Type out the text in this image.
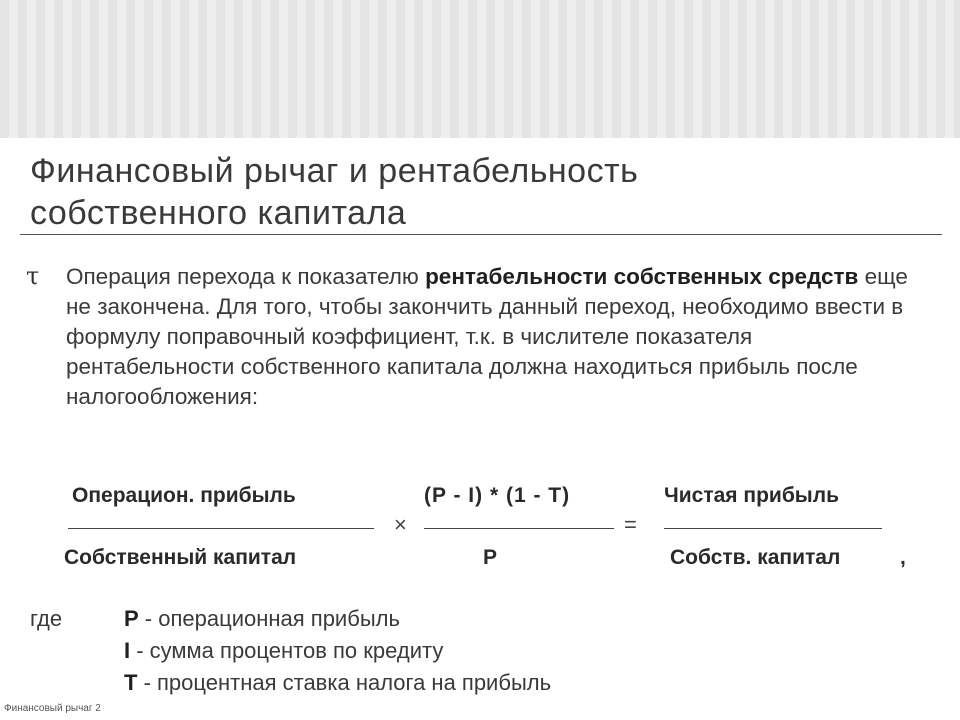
Финансовый рычаг и рентабельность
собственного капитала
τ Операция перехода к показателю рентабельности собственных средств еще не закончена. Для того, чтобы закончить данный переход, необходимо ввести в формулу поправочный коэффициент, т.к. в числителе показателя рентабельности собственного капитала должна находиться прибыль после налогообложения:

Операцион. прибыль
Собственный капитал
×
(P - I) * (1 - T)
P
=
Чистая прибыль
Собств. капитал	,
где	P - операционная прибыль
I - сумма процентов по кредиту
T - процентная ставка налога на прибыль
Финансовый рычаг 2
